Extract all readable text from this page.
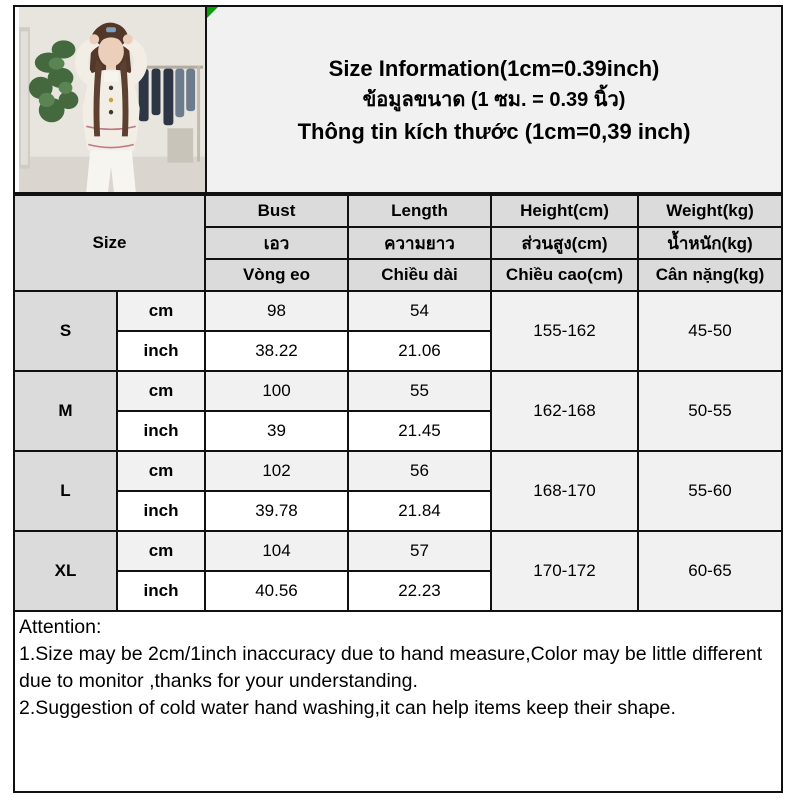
Size Information(1cm=0.39inch)
ข้อมูลขนาด (1 ซม. = 0.39 นิ้ว)
Thông tin kích thước (1cm=0,39 inch)
Size		Bust	Length	Height(cm)	Weight(kg)
		เอว	ความยาว	ส่วนสูง(cm)	น้ำหนัก(kg)
		Vòng eo	Chiều dài	Chiều cao(cm)	Cân nặng(kg)
S	cm	98	54	155-162	45-50
	inch	38.22	21.06		
M	cm	100	55	162-168	50-55
	inch	39	21.45		
L	cm	102	56	168-170	55-60
	inch	39.78	21.84		
XL	cm	104	57	170-172	60-65
	inch	40.56	22.23		
Attention:
1.Size may be 2cm/1inch inaccuracy due to hand measure,Color may be little different due to monitor ,thanks for your understanding.
2.Suggestion of cold water hand washing,it can help items keep their shape.
